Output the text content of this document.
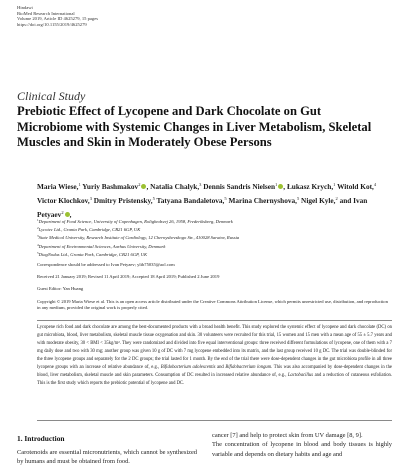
Hindawi
BioMed Research International
Volume 2019, Article ID 4625279, 15 pages
https://doi.org/10.1155/2019/4625279
Clinical Study
Prebiotic Effect of Lycopene and Dark Chocolate on Gut Microbiome with Systemic Changes in Liver Metabolism, Skeletal Muscles and Skin in Moderately Obese Persons
Maria Wiese,$^1$ Yuriy Bashmakov$^2$ , Natalia Chalyk,$^3$ Dennis Sandris Nielsen$^1$ , Łukasz Krych,$^1$ Witold Kot,$^4$ Victor Klochkov,$^3$ Dmitry Pristensky,$^5$ Tatyana Bandaletova,$^5$ Marina Chernyshova,$^5$ Nigel Kyle,$^2$ and Ivan Petyaev$^2$ ,
$^1$Department of Food Science, University of Copenhagen, Rolighedsvej 26, 1958, Frederiksberg, Denmark
$^2$Lycotec Ltd., Granta Park, Cambridge, CB21 6GP, UK
$^3$State Medical University, Research Institute of Cardiology, 12 Chernyshevskogo Str., 410028 Saratov, Russia
$^4$Department of Environmental Sciences, Aarhus University, Denmark
$^5$DiagNodus Ltd., Granta Park, Cambridge, CB21 6GP, UK
Correspondence should be addressed to Ivan Petyaev; ylib75035@aol.com
Received 21 January 2019; Revised 11 April 2019; Accepted 18 April 2019; Published 2 June 2019
Guest Editor: Yan Huang
Copyright © 2019 Maria Wiese et al. This is an open access article distributed under the Creative Commons Attribution License, which permits unrestricted use, distribution, and reproduction in any medium, provided the original work is properly cited.
Lycopene rich food and dark chocolate are among the best-documented products with a broad health benefit. This study explored the systemic effect of lycopene and dark chocolate (DC) on gut microbiota, blood, liver metabolism, skeletal muscle tissue oxygenation and skin. 30 volunteers were recruited for this trial, 15 women and 15 men with a mean age of 55 ± 5.7 years and with moderate obesity, 30 < BMI < 35kg/m². They were randomized and divided into five equal interventional groups: three received different formulations of lycopene, one of them with a 7 mg daily dose and two with 30 mg; another group was given 10 g of DC with 7 mg lycopene embedded into its matrix, and the last group received 10 g DC. The trial was double-blinded for the three lycopene groups and separately for the 2 DC groups; the trial lasted for 1 month. By the end of the trial there were dose-dependent changes in the gut microbiota profile in all three lycopene groups with an increase of relative abundance of, e.g., Bifidobacterium adolescentis and Bifidobacterium longum. This was also accompanied by dose-dependent changes in the blood, liver metabolism, skeletal muscle and skin parameters. Consumption of DC resulted in increased relative abundance of, e.g., Lactobacillus and a reduction of cutaneous exfoliation. This is the first study which reports the prebiotic potential of lycopene and DC.
1. Introduction
Carotenoids are essential micronutrients, which cannot be synthesized by humans and must be obtained from food.
cancer [7] and help to protect skin from UV damage [8, 9].
The concentration of lycopene in blood and body tissues is highly variable and depends on dietary habits and age and
